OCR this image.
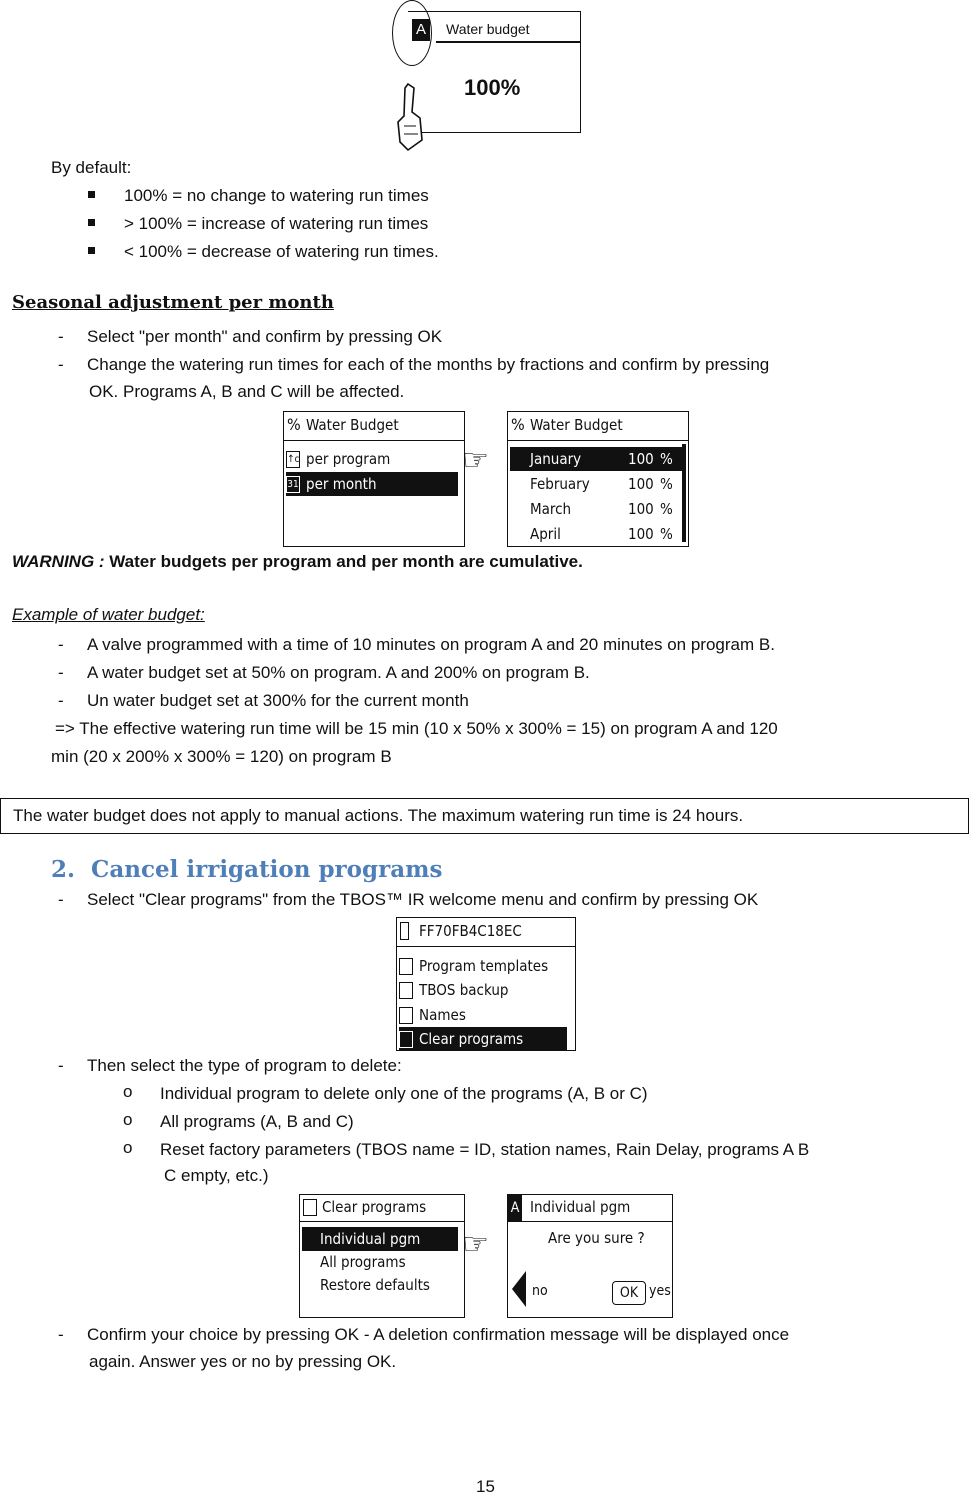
A Water budget
100%
By default:
100% = no change to watering run times
> 100% = increase of watering run times
< 100% = decrease of watering run times.
Seasonal adjustment per month
- Select "per month" and confirm by pressing OK
- Change the watering run times for each of the months by fractions and confirm by pressing
OK. Programs A, B and C will be affected.
% Water Budget
↑c per program
31 per month
☞
% Water Budget
January	100 %
February	100 %
March	100 %
April	100 %
WARNING : Water budgets per program and per month are cumulative.
Example of water budget:
- A valve programmed with a time of 10 minutes on program A and 20 minutes on program B.
- A water budget set at 50% on program. A and 200% on program B.
- Un water budget set at 300% for the current month
=> The effective watering run time will be 15 min (10 x 50% x 300% = 15) on program A and 120
min (20 x 200% x 300% = 120) on program B
The water budget does not apply to manual actions. The maximum watering run time is 24 hours.
2. Cancel irrigation programs
- Select "Clear programs" from the TBOS™ IR welcome menu and confirm by pressing OK
FF70FB4C18EC
Program templates
TBOS backup
Names
Clear programs
- Then select the type of program to delete:
o Individual program to delete only one of the programs (A, B or C)
o All programs (A, B and C)
o Reset factory parameters (TBOS name = ID, station names, Rain Delay, programs A B
C empty, etc.)
Clear programs
Individual pgm
All programs
Restore defaults
☞
A Individual pgm
Are you sure ?
no	OK yes
- Confirm your choice by pressing OK - A deletion confirmation message will be displayed once
again. Answer yes or no by pressing OK.
15
